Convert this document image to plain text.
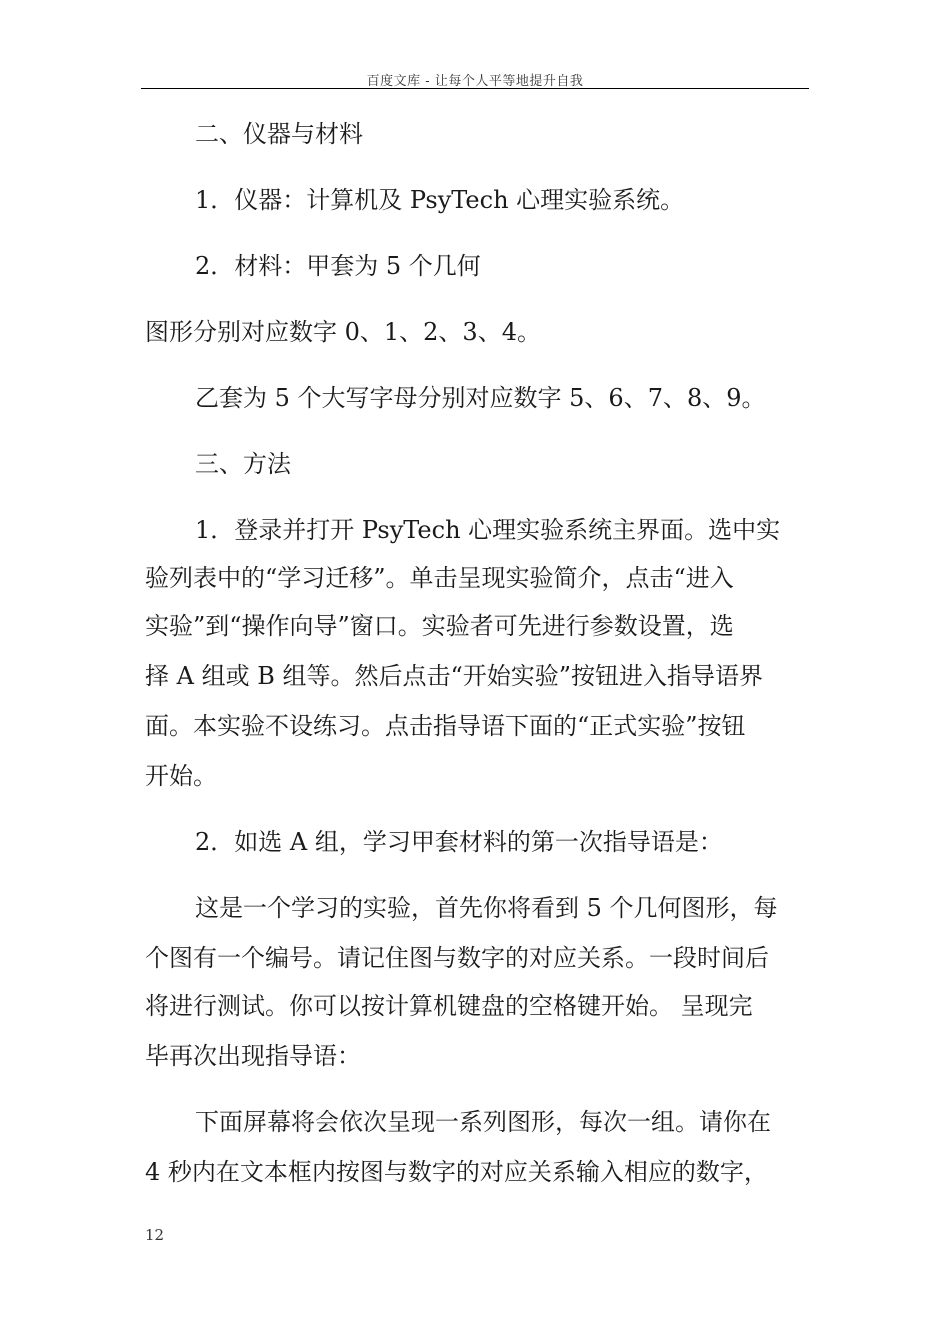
百度文库 - 让每个人平等地提升自我
二、仪器与材料
1．仪器：计算机及 PsyTech 心理实验系统。
2．材料：甲套为 5 个几何
图形分别对应数字 0、1、2、3、4。
乙套为 5 个大写字母分别对应数字 5、6、7、8、9。
三、方法
1．登录并打开 PsyTech 心理实验系统主界面。选中实
验列表中的“学习迁移”。单击呈现实验简介，点击“进入
实验”到“操作向导”窗口。实验者可先进行参数设置，选
择 A 组或 B 组等。然后点击“开始实验”按钮进入指导语界
面。本实验不设练习。点击指导语下面的“正式实验”按钮
开始。
2．如选 A 组，学习甲套材料的第一次指导语是：
这是一个学习的实验，首先你将看到 5 个几何图形，每
个图有一个编号。请记住图与数字的对应关系。一段时间后
将进行测试。你可以按计算机键盘的空格键开始。 呈现完
毕再次出现指导语：
下面屏幕将会依次呈现一系列图形，每次一组。请你在
4 秒内在文本框内按图与数字的对应关系输入相应的数字，
12
